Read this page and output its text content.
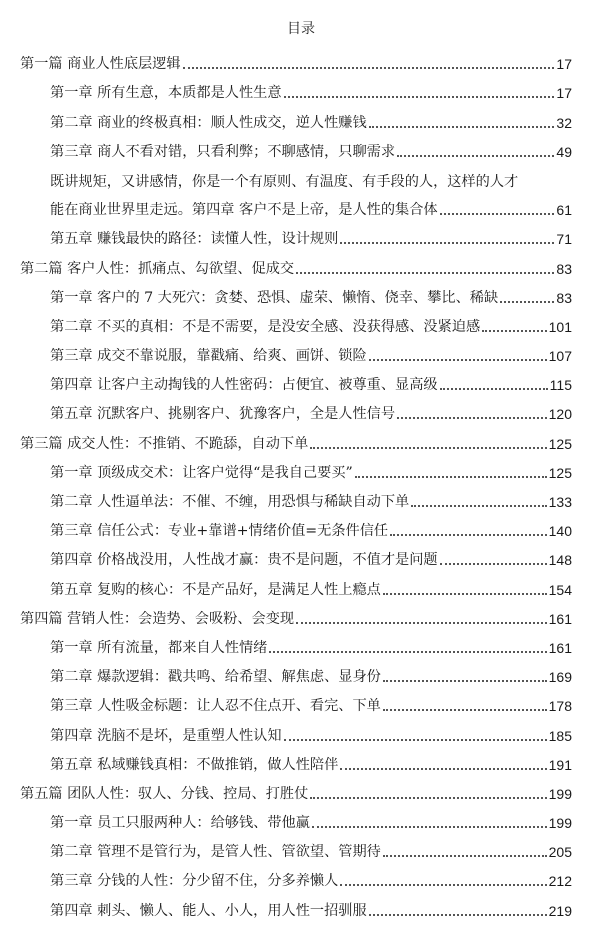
目录
第一篇 商业人性底层逻辑	17
第一章 所有生意，本质都是人性生意	17
第二章 商业的终极真相：顺人性成交，逆人性赚钱	32
第三章 商人不看对错，只看利弊；不聊感情，只聊需求	49
既讲规矩，又讲感情，你是一个有原则、有温度、有手段的人，这样的人才
能在商业世界里走远。第四章 客户不是上帝，是人性的集合体	61
第五章 赚钱最快的路径：读懂人性，设计规则	71
第二篇 客户人性：抓痛点、勾欲望、促成交	83
第一章 客户的 7 大死穴：贪婪、恐惧、虚荣、懒惰、侥幸、攀比、稀缺	83
第二章 不买的真相：不是不需要，是没安全感、没获得感、没紧迫感	101
第三章 成交不靠说服，靠戳痛、给爽、画饼、锁险	107
第四章 让客户主动掏钱的人性密码：占便宜、被尊重、显高级	115
第五章 沉默客户、挑剔客户、犹豫客户，全是人性信号	120
第三篇 成交人性：不推销、不跪舔，自动下单	125
第一章 顶级成交术：让客户觉得“是我自己要买”	125
第二章 人性逼单法：不催、不缠，用恐惧与稀缺自动下单	133
第三章 信任公式：专业+靠谱+情绪价值=无条件信任	140
第四章 价格战没用，人性战才赢：贵不是问题，不值才是问题	148
第五章 复购的核心：不是产品好，是满足人性上瘾点	154
第四篇 营销人性：会造势、会吸粉、会变现	161
第一章 所有流量，都来自人性情绪	161
第二章 爆款逻辑：戳共鸣、给希望、解焦虑、显身份	169
第三章 人性吸金标题：让人忍不住点开、看完、下单	178
第四章 洗脑不是坏，是重塑人性认知	185
第五章 私域赚钱真相：不做推销，做人性陪伴	191
第五篇 团队人性：驭人、分钱、控局、打胜仗	199
第一章 员工只服两种人：给够钱、带他赢	199
第二章 管理不是管行为，是管人性、管欲望、管期待	205
第三章 分钱的人性：分少留不住，分多养懒人	212
第四章 刺头、懒人、能人、小人，用人性一招驯服	219
